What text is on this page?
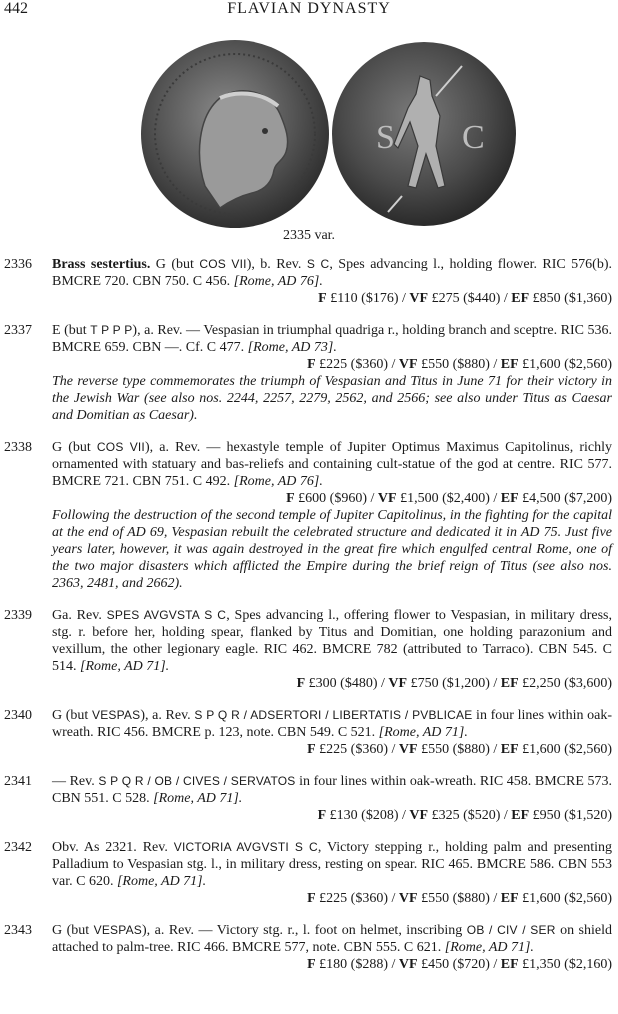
442	FLAVIAN DYNASTY
S C
2335 var.
2336 Brass sestertius. G (but COS VII), b. Rev. S C, Spes advancing l., holding flower. RIC 576(b). BMCRE 720. CBN 750. C 456. [Rome, AD 76].
F £110 ($176) / VF £275 ($440) / EF £850 ($1,360)
2337 E (but T P P P), a. Rev. — Vespasian in triumphal quadriga r., holding branch and sceptre. RIC 536. BMCRE 659. CBN —. Cf. C 477. [Rome, AD 73].
F £225 ($360) / VF £550 ($880) / EF £1,600 ($2,560)
The reverse type commemorates the triumph of Vespasian and Titus in June 71 for their victory in the Jewish War (see also nos. 2244, 2257, 2279, 2562, and 2566; see also under Titus as Caesar and Domitian as Caesar).
2338 G (but COS VII), a. Rev. — hexastyle temple of Jupiter Optimus Maximus Capitolinus, richly ornamented with statuary and bas-reliefs and containing cult-statue of the god at centre. RIC 577. BMCRE 721. CBN 751. C 492. [Rome, AD 76].
F £600 ($960) / VF £1,500 ($2,400) / EF £4,500 ($7,200)
Following the destruction of the second temple of Jupiter Capitolinus, in the fighting for the capital at the end of AD 69, Vespasian rebuilt the celebrated structure and dedicated it in AD 75. Just five years later, however, it was again destroyed in the great fire which engulfed central Rome, one of the two major disasters which afflicted the Empire during the brief reign of Titus (see also nos. 2363, 2481, and 2662).
2339 Ga. Rev. SPES AVGVSTA S C, Spes advancing l., offering flower to Vespasian, in military dress, stg. r. before her, holding spear, flanked by Titus and Domitian, one holding parazonium and vexillum, the other legionary eagle. RIC 462. BMCRE 782 (attributed to Tarraco). CBN 545. C 514. [Rome, AD 71].
F £300 ($480) / VF £750 ($1,200) / EF £2,250 ($3,600)
2340 G (but VESPAS), a. Rev. S P Q R / ADSERTORI / LIBERTATIS / PVBLICAE in four lines within oak-wreath. RIC 456. BMCRE p. 123, note. CBN 549. C 521. [Rome, AD 71].
F £225 ($360) / VF £550 ($880) / EF £1,600 ($2,560)
2341 — Rev. S P Q R / OB / CIVES / SERVATOS in four lines within oak-wreath. RIC 458. BMCRE 573. CBN 551. C 528. [Rome, AD 71].
F £130 ($208) / VF £325 ($520) / EF £950 ($1,520)
2342 Obv. As 2321. Rev. VICTORIA AVGVSTI S C, Victory stepping r., holding palm and presenting Palladium to Vespasian stg. l., in military dress, resting on spear. RIC 465. BMCRE 586. CBN 553 var. C 620. [Rome, AD 71].
F £225 ($360) / VF £550 ($880) / EF £1,600 ($2,560)
2343 G (but VESPAS), a. Rev. — Victory stg. r., l. foot on helmet, inscribing OB / CIV / SER on shield attached to palm-tree. RIC 466. BMCRE 577, note. CBN 555. C 621. [Rome, AD 71].
F £180 ($288) / VF £450 ($720) / EF £1,350 ($2,160)
